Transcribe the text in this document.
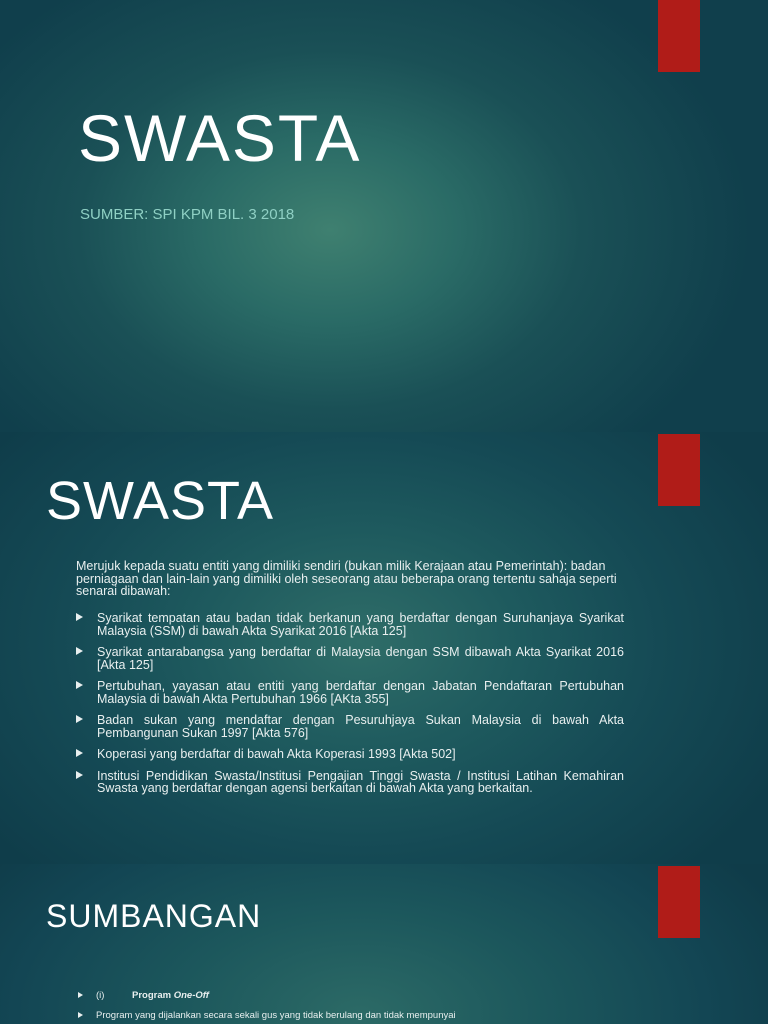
SWASTA

SUMBER: SPI KPM BIL. 3 2018

SWASTA

Merujuk kepada suatu entiti yang dimiliki sendiri (bukan milik Kerajaan atau Pemerintah): badan perniagaan dan lain-lain yang dimiliki oleh seseorang atau beberapa orang tertentu sahaja seperti senarai dibawah:

Syarikat tempatan atau badan tidak berkanun yang berdaftar dengan Suruhanjaya Syarikat Malaysia (SSM) di bawah Akta Syarikat 2016 [Akta 125]
Syarikat antarabangsa yang berdaftar di Malaysia dengan SSM dibawah Akta Syarikat 2016 [Akta 125]
Pertubuhan, yayasan atau entiti yang berdaftar dengan Jabatan Pendaftaran Pertubuhan Malaysia di bawah Akta Pertubuhan 1966 [AKta 355]
Badan sukan yang mendaftar dengan Pesuruhjaya Sukan Malaysia di bawah Akta Pembangunan Sukan 1997 [Akta 576]
Koperasi yang berdaftar di bawah Akta Koperasi 1993 [Akta 502]
Institusi Pendidikan Swasta/Institusi Pengajian Tinggi Swasta / Institusi Latihan Kemahiran Swasta yang berdaftar dengan agensi berkaitan di bawah Akta yang berkaitan.
SUMBANGAN
(i)	Program One-Off
Program yang dijalankan secara sekali gus yang tidak berulang dan tidak mempunyai
